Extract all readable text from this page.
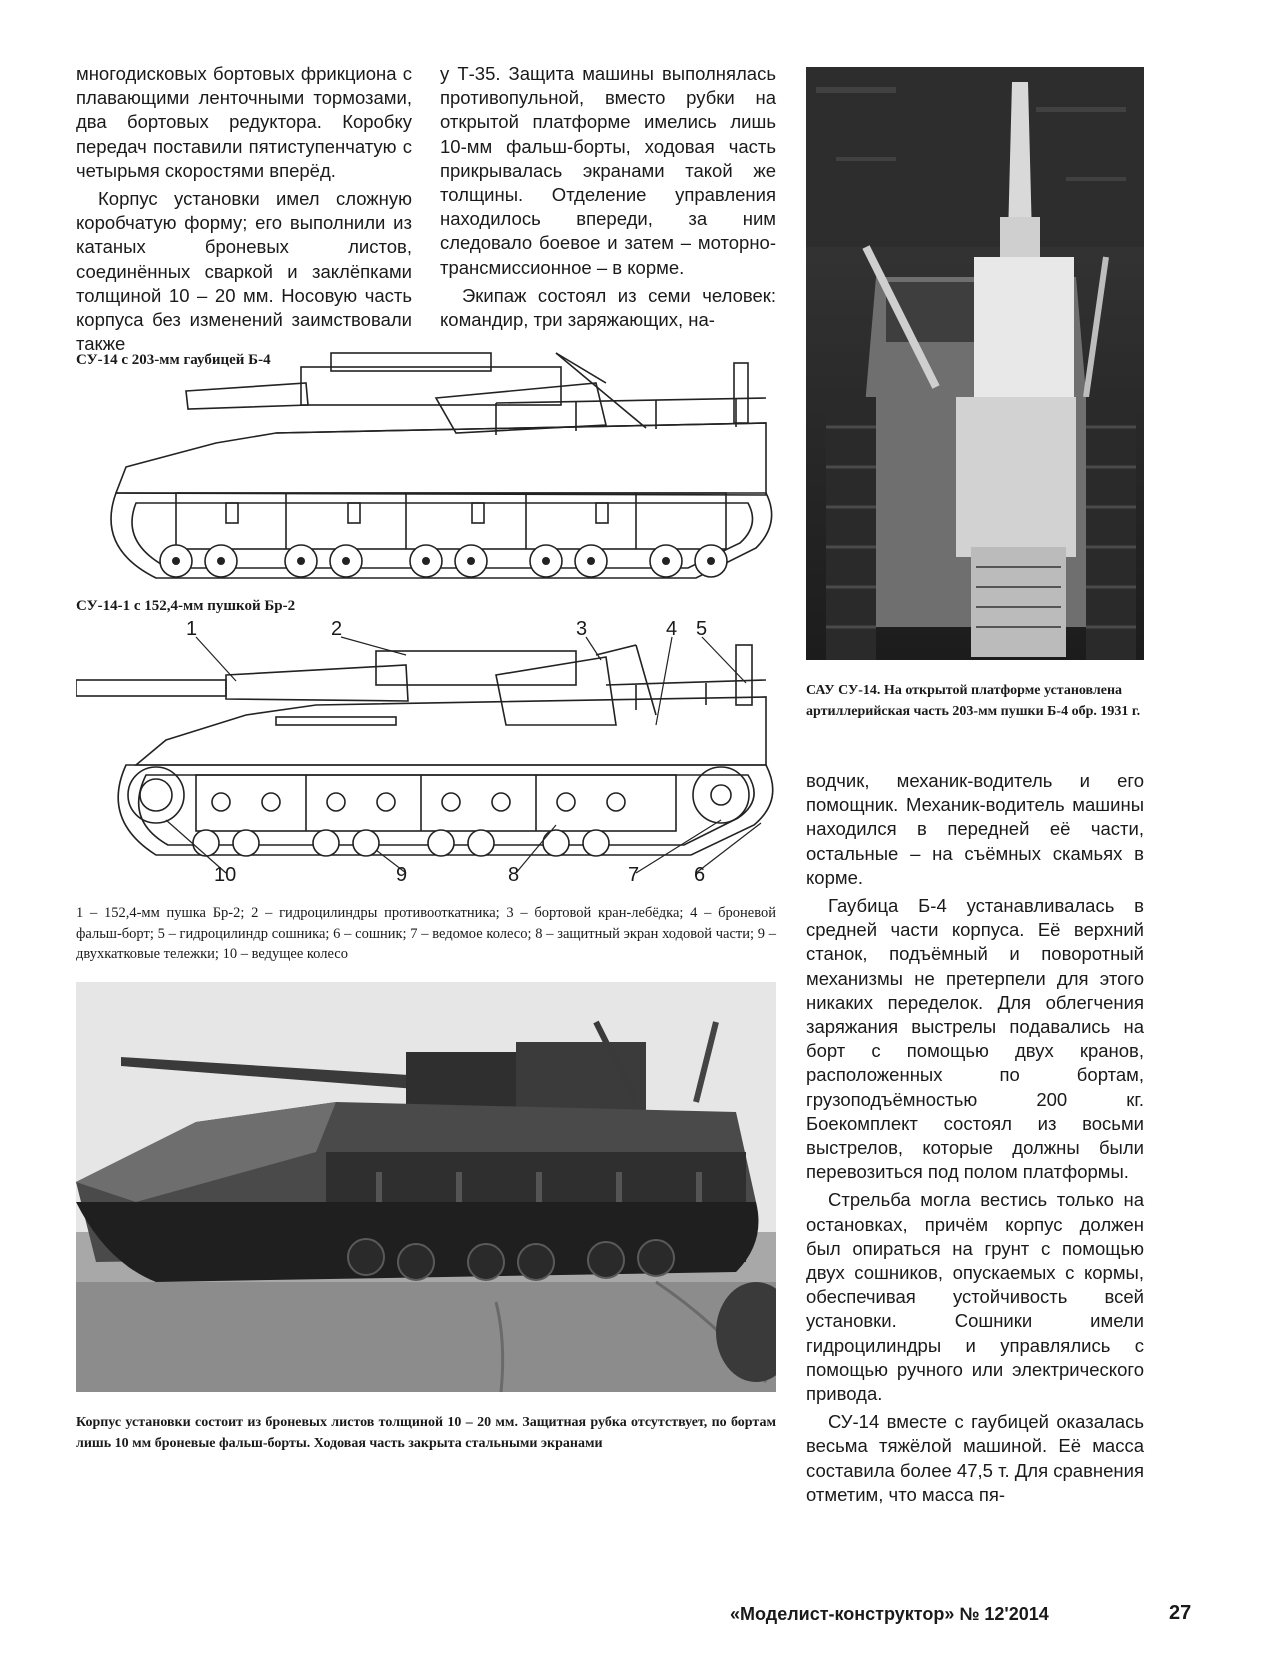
многодисковых бортовых фрикциона с плавающими ленточными тормозами, два бортовых редуктора. Коробку передач поставили пятиступенчатую с четырьмя скоростями вперёд.

Корпус установки имел сложную коробчатую форму; его выполнили из катаных броневых листов, соединённых сваркой и заклёпками толщиной 10 – 20 мм. Носовую часть корпуса без изменений заимствовали также

у Т-35. Защита машины выполнялась противопульной, вместо рубки на открытой платформе имелись лишь 10-мм фальш-борты, ходовая часть прикрывалась экранами такой же толщины. Отделение управления находилось впереди, за ним следовало боевое и затем – моторно-трансмиссионное – в корме.

Экипаж состоял из семи человек: командир, три заряжающих, на-

САУ СУ-14. На открытой платформе установлена артиллерийская часть 203-мм пушки Б-4 обр. 1931 г.
СУ-14 с 203-мм гаубицей Б-4
СУ-14-1 с 152,4-мм пушкой Бр-2
1	2	3	4 5
6
7
8
9
10
1 – 152,4-мм пушка Бр-2; 2 – гидроцилиндры противооткатника; 3 – бортовой кран-лебёдка; 4 – броневой фальш-борт; 5 – гидроцилиндр сошника; 6 – сошник; 7 – ведомое колесо; 8 – защитный экран ходовой части; 9 – двухкатковые тележки; 10 – ведущее колесо
Корпус установки состоит из броневых листов толщиной 10 – 20 мм. Защитная рубка отсутствует, по бортам лишь 10 мм броневые фальш-борты. Ходовая часть закрыта стальными экранами

водчик, механик-водитель и его помощник. Механик-водитель машины находился в передней её части, остальные – на съёмных скамьях в корме.

Гаубица Б-4 устанавливалась в средней части корпуса. Её верхний станок, подъёмный и поворотный механизмы не претерпели для этого никаких переделок. Для облегчения заряжания выстрелы подавались на борт с помощью двух кранов, расположенных по бортам, грузоподъёмностью 200 кг. Боекомплект состоял из восьми выстрелов, которые должны были перевозиться под полом платформы.

Стрельба могла вестись только на остановках, причём корпус должен был опираться на грунт с помощью двух сошников, опускаемых с кормы, обеспечивая устойчивость всей установки. Сошники имели гидроцилиндры и управлялись с помощью ручного или электрического привода.

СУ-14 вместе с гаубицей оказалась весьма тяжёлой машиной. Её масса составила более 47,5 т. Для сравнения отметим, что масса пя-

«Моделист-конструктор» № 12'2014	27
